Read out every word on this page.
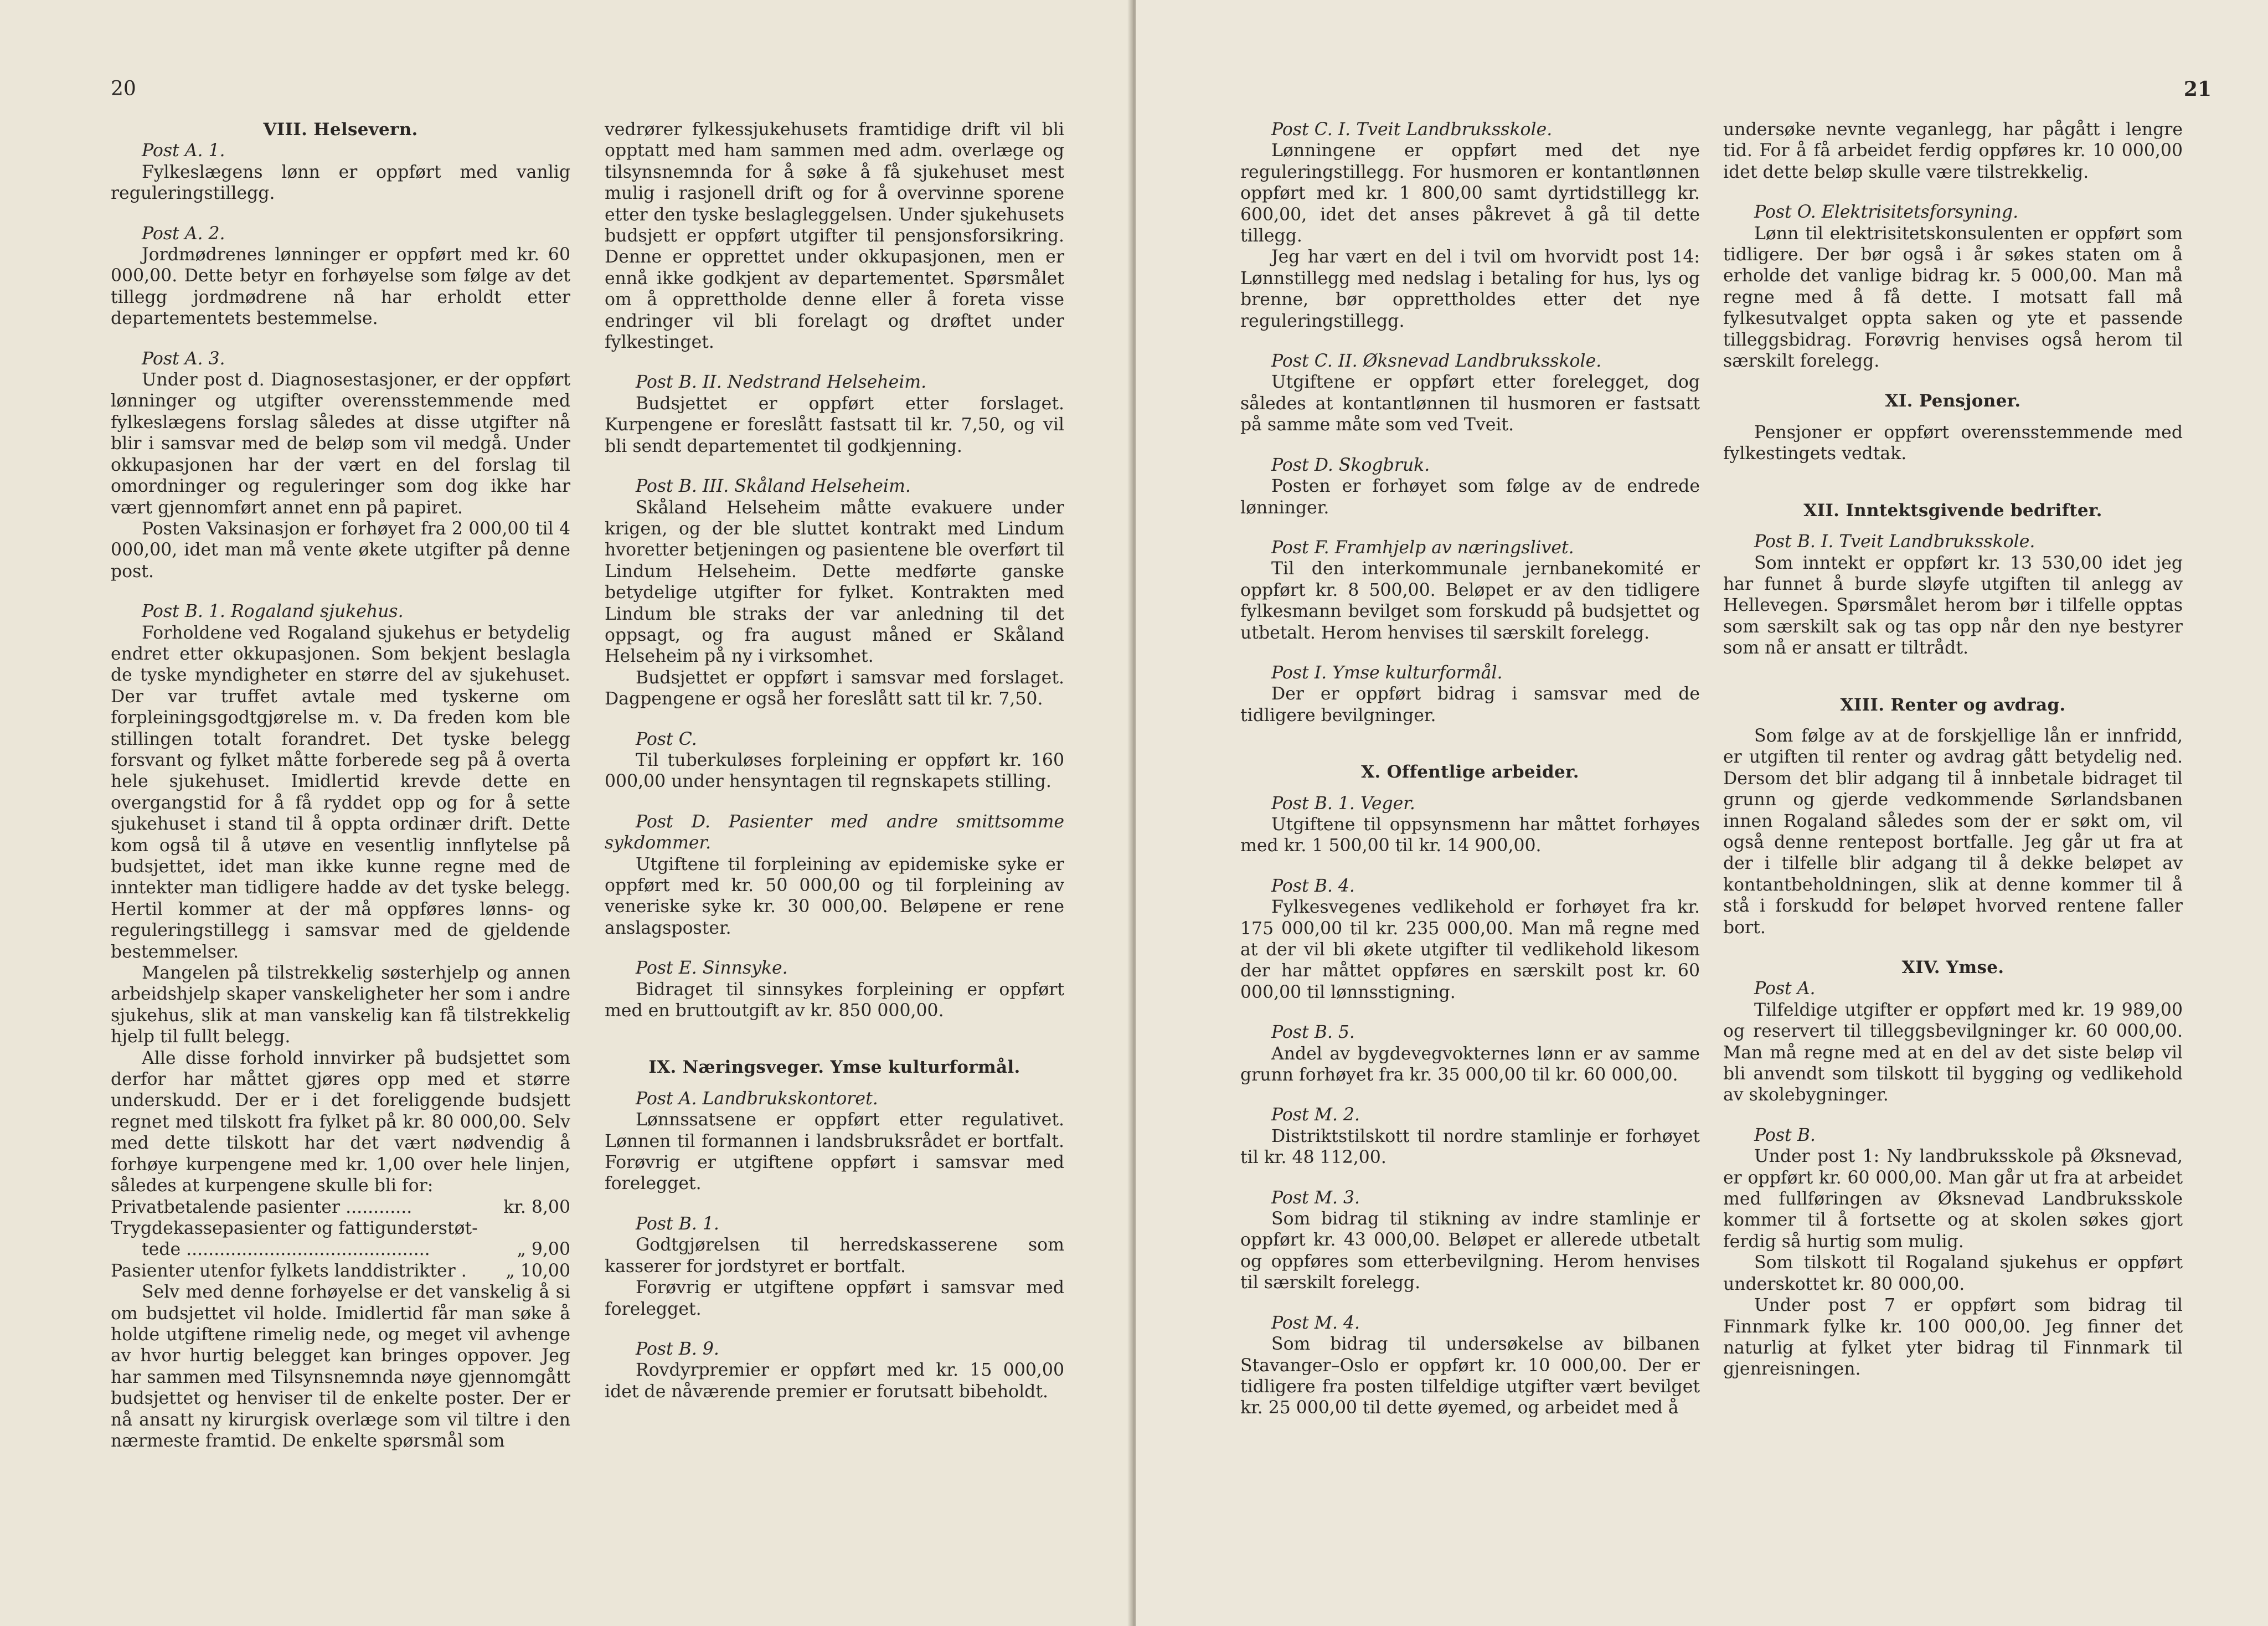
20
VIII. Helsevern.

Post A. 1.

Fylkeslægens lønn er oppført med vanlig reguleringstillegg.

Post A. 2.

Jordmødrenes lønninger er oppført med kr. 60 000,00. Dette betyr en forhøyelse som følge av det tillegg jordmødrene nå har erholdt etter departementets bestemmelse.

Post A. 3.

Under post d. Diagnosestasjoner, er der oppført lønninger og utgifter overensstemmende med fylkeslægens forslag således at disse utgifter nå blir i samsvar med de beløp som vil medgå. Under okkupasjonen har der vært en del forslag til omordninger og reguleringer som dog ikke har vært gjennomført annet enn på papiret.

Posten Vaksinasjon er forhøyet fra 2 000,00 til 4 000,00, idet man må vente økete utgifter på denne post.

Post B. 1. Rogaland sjukehus.

Forholdene ved Rogaland sjukehus er betydelig endret etter okkupasjonen. Som bekjent beslagla de tyske myndigheter en større del av sjukehuset. Der var truffet avtale med tyskerne om forpleiningsgodtgjørelse m. v. Da freden kom ble stillingen totalt forandret. Det tyske belegg forsvant og fylket måtte forberede seg på å overta hele sjukehuset. Imidlertid krevde dette en overgangstid for å få ryddet opp og for å sette sjukehuset i stand til å oppta ordinær drift. Dette kom også til å utøve en vesentlig innflytelse på budsjettet, idet man ikke kunne regne med de inntekter man tidligere hadde av det tyske belegg. Hertil kommer at der må oppføres lønns- og reguleringstillegg i samsvar med de gjeldende bestemmelser.

Mangelen på tilstrekkelig søsterhjelp og annen arbeidshjelp skaper vanskeligheter her som i andre sjukehus, slik at man vanskelig kan få tilstrekkelig hjelp til fullt belegg.

Alle disse forhold innvirker på budsjettet som derfor har måttet gjøres opp med et større underskudd. Der er i det foreliggende budsjett regnet med tilskott fra fylket på kr. 80 000,00. Selv med dette tilskott har det vært nødvendig å forhøye kurpengene med kr. 1,00 over hele linjen, således at kurpengene skulle bli for:

Privatbetalende pasienter ............	kr. 8,00
Trygdekassepasienter og fattigunderstøt-	
tede ............................................	„ 9,00
Pasienter utenfor fylkets landdistrikter .	„ 10,00

Selv med denne forhøyelse er det vanskelig å si om budsjettet vil holde. Imidlertid får man søke å holde utgiftene rimelig nede, og meget vil avhenge av hvor hurtig belegget kan bringes oppover. Jeg har sammen med Tilsynsnemnda nøye gjennomgått budsjettet og henviser til de enkelte poster. Der er nå ansatt ny kirurgisk overlæge som vil tiltre i den nærmeste framtid. De enkelte spørsmål som

vedrører fylkessjukehusets framtidige drift vil bli opptatt med ham sammen med adm. overlæge og tilsynsnemnda for å søke å få sjukehuset mest mulig i rasjonell drift og for å overvinne sporene etter den tyske beslagleggelsen. Under sjukehusets budsjett er oppført utgifter til pensjonsforsikring. Denne er opprettet under okkupasjonen, men er ennå ikke godkjent av departementet. Spørsmålet om å opprettholde denne eller å foreta visse endringer vil bli forelagt og drøftet under fylkestinget.

Post B. II. Nedstrand Helseheim.

Budsjettet er oppført etter forslaget. Kurpengene er foreslått fastsatt til kr. 7,50, og vil bli sendt departementet til godkjenning.

Post B. III. Skåland Helseheim.

Skåland Helseheim måtte evakuere under krigen, og der ble sluttet kontrakt med Lindum hvoretter betjeningen og pasientene ble overført til Lindum Helseheim. Dette medførte ganske betydelige utgifter for fylket. Kontrakten med Lindum ble straks der var anledning til det oppsagt, og fra august måned er Skåland Helseheim på ny i virksomhet.

Budsjettet er oppført i samsvar med forslaget. Dagpengene er også her foreslått satt til kr. 7,50.

Post C.

Til tuberkuløses forpleining er oppført kr. 160 000,00 under hensyntagen til regnskapets stilling.

Post D. Pasienter med andre smittsomme sykdommer.

Utgiftene til forpleining av epidemiske syke er oppført med kr. 50 000,00 og til forpleining av veneriske syke kr. 30 000,00. Beløpene er rene anslagsposter.

Post E. Sinnsyke.

Bidraget til sinnsykes forpleining er oppført med en bruttoutgift av kr. 850 000,00.

IX. Næringsveger. Ymse kulturformål.

Post A. Landbrukskontoret.

Lønnssatsene er oppført etter regulativet. Lønnen til formannen i landsbruksrådet er bortfalt. Forøvrig er utgiftene oppført i samsvar med forelegget.

Post B. 1.

Godtgjørelsen til herredskasserene som kasserer for jordstyret er bortfalt.

Forøvrig er utgiftene oppført i samsvar med forelegget.

Post B. 9.

Rovdyrpremier er oppført med kr. 15 000,00 idet de nåværende premier er forutsatt bibeholdt.

21

Post C. I. Tveit Landbruksskole.

Lønningene er oppført med det nye reguleringstillegg. For husmoren er kontantlønnen oppført med kr. 1 800,00 samt dyrtidstillegg kr. 600,00, idet det anses påkrevet å gå til dette tillegg.

Jeg har vært en del i tvil om hvorvidt post 14: Lønnstillegg med nedslag i betaling for hus, lys og brenne, bør opprettholdes etter det nye reguleringstillegg.

Post C. II. Øksnevad Landbruksskole.

Utgiftene er oppført etter forelegget, dog således at kontantlønnen til husmoren er fastsatt på samme måte som ved Tveit.

Post D. Skogbruk.

Posten er forhøyet som følge av de endrede lønninger.

Post F. Framhjelp av næringslivet.

Til den interkommunale jernbanekomité er oppført kr. 8 500,00. Beløpet er av den tidligere fylkesmann bevilget som forskudd på budsjettet og utbetalt. Herom henvises til særskilt forelegg.

Post I. Ymse kulturformål.

Der er oppført bidrag i samsvar med de tidligere bevilgninger.

X. Offentlige arbeider.

Post B. 1. Veger.

Utgiftene til oppsynsmenn har måttet forhøyes med kr. 1 500,00 til kr. 14 900,00.

Post B. 4.

Fylkesvegenes vedlikehold er forhøyet fra kr. 175 000,00 til kr. 235 000,00. Man må regne med at der vil bli økete utgifter til vedlikehold likesom der har måttet oppføres en særskilt post kr. 60 000,00 til lønnsstigning.

Post B. 5.

Andel av bygdevegvokternes lønn er av samme grunn forhøyet fra kr. 35 000,00 til kr. 60 000,00.

Post M. 2.

Distriktstilskott til nordre stamlinje er forhøyet til kr. 48 112,00.

Post M. 3.

Som bidrag til stikning av indre stamlinje er oppført kr. 43 000,00. Beløpet er allerede utbetalt og oppføres som etterbevilgning. Herom henvises til særskilt forelegg.

Post M. 4.

Som bidrag til undersøkelse av bilbanen Stavanger–Oslo er oppført kr. 10 000,00. Der er tidligere fra posten tilfeldige utgifter vært bevilget kr. 25 000,00 til dette øyemed, og arbeidet med å

undersøke nevnte veganlegg, har pågått i lengre tid. For å få arbeidet ferdig oppføres kr. 10 000,00 idet dette beløp skulle være tilstrekkelig.

Post O. Elektrisitetsforsyning.

Lønn til elektrisitetskonsulenten er oppført som tidligere. Der bør også i år søkes staten om å erholde det vanlige bidrag kr. 5 000,00. Man må regne med å få dette. I motsatt fall må fylkesutvalget oppta saken og yte et passende tilleggsbidrag. Forøvrig henvises også herom til særskilt forelegg.

XI. Pensjoner.

Pensjoner er oppført overensstemmende med fylkestingets vedtak.

XII. Inntektsgivende bedrifter.

Post B. I. Tveit Landbruksskole.

Som inntekt er oppført kr. 13 530,00 idet jeg har funnet å burde sløyfe utgiften til anlegg av Hellevegen. Spørsmålet herom bør i tilfelle opptas som særskilt sak og tas opp når den nye bestyrer som nå er ansatt er tiltrådt.

XIII. Renter og avdrag.

Som følge av at de forskjellige lån er innfridd, er utgiften til renter og avdrag gått betydelig ned. Dersom det blir adgang til å innbetale bidraget til grunn og gjerde vedkommende Sørlandsbanen innen Rogaland således som der er søkt om, vil også denne rentepost bortfalle. Jeg går ut fra at der i tilfelle blir adgang til å dekke beløpet av kontantbeholdningen, slik at denne kommer til å stå i forskudd for beløpet hvorved rentene faller bort.

XIV. Ymse.

Post A.

Tilfeldige utgifter er oppført med kr. 19 989,00 og reservert til tilleggsbevilgninger kr. 60 000,00. Man må regne med at en del av det siste beløp vil bli anvendt som tilskott til bygging og vedlikehold av skolebygninger.

Post B.

Under post 1: Ny landbruksskole på Øksnevad, er oppført kr. 60 000,00. Man går ut fra at arbeidet med fullføringen av Øksnevad Landbruksskole kommer til å fortsette og at skolen søkes gjort ferdig så hurtig som mulig.

Som tilskott til Rogaland sjukehus er oppført underskottet kr. 80 000,00.

Under post 7 er oppført som bidrag til Finnmark fylke kr. 100 000,00. Jeg finner det naturlig at fylket yter bidrag til Finnmark til gjenreisningen.
